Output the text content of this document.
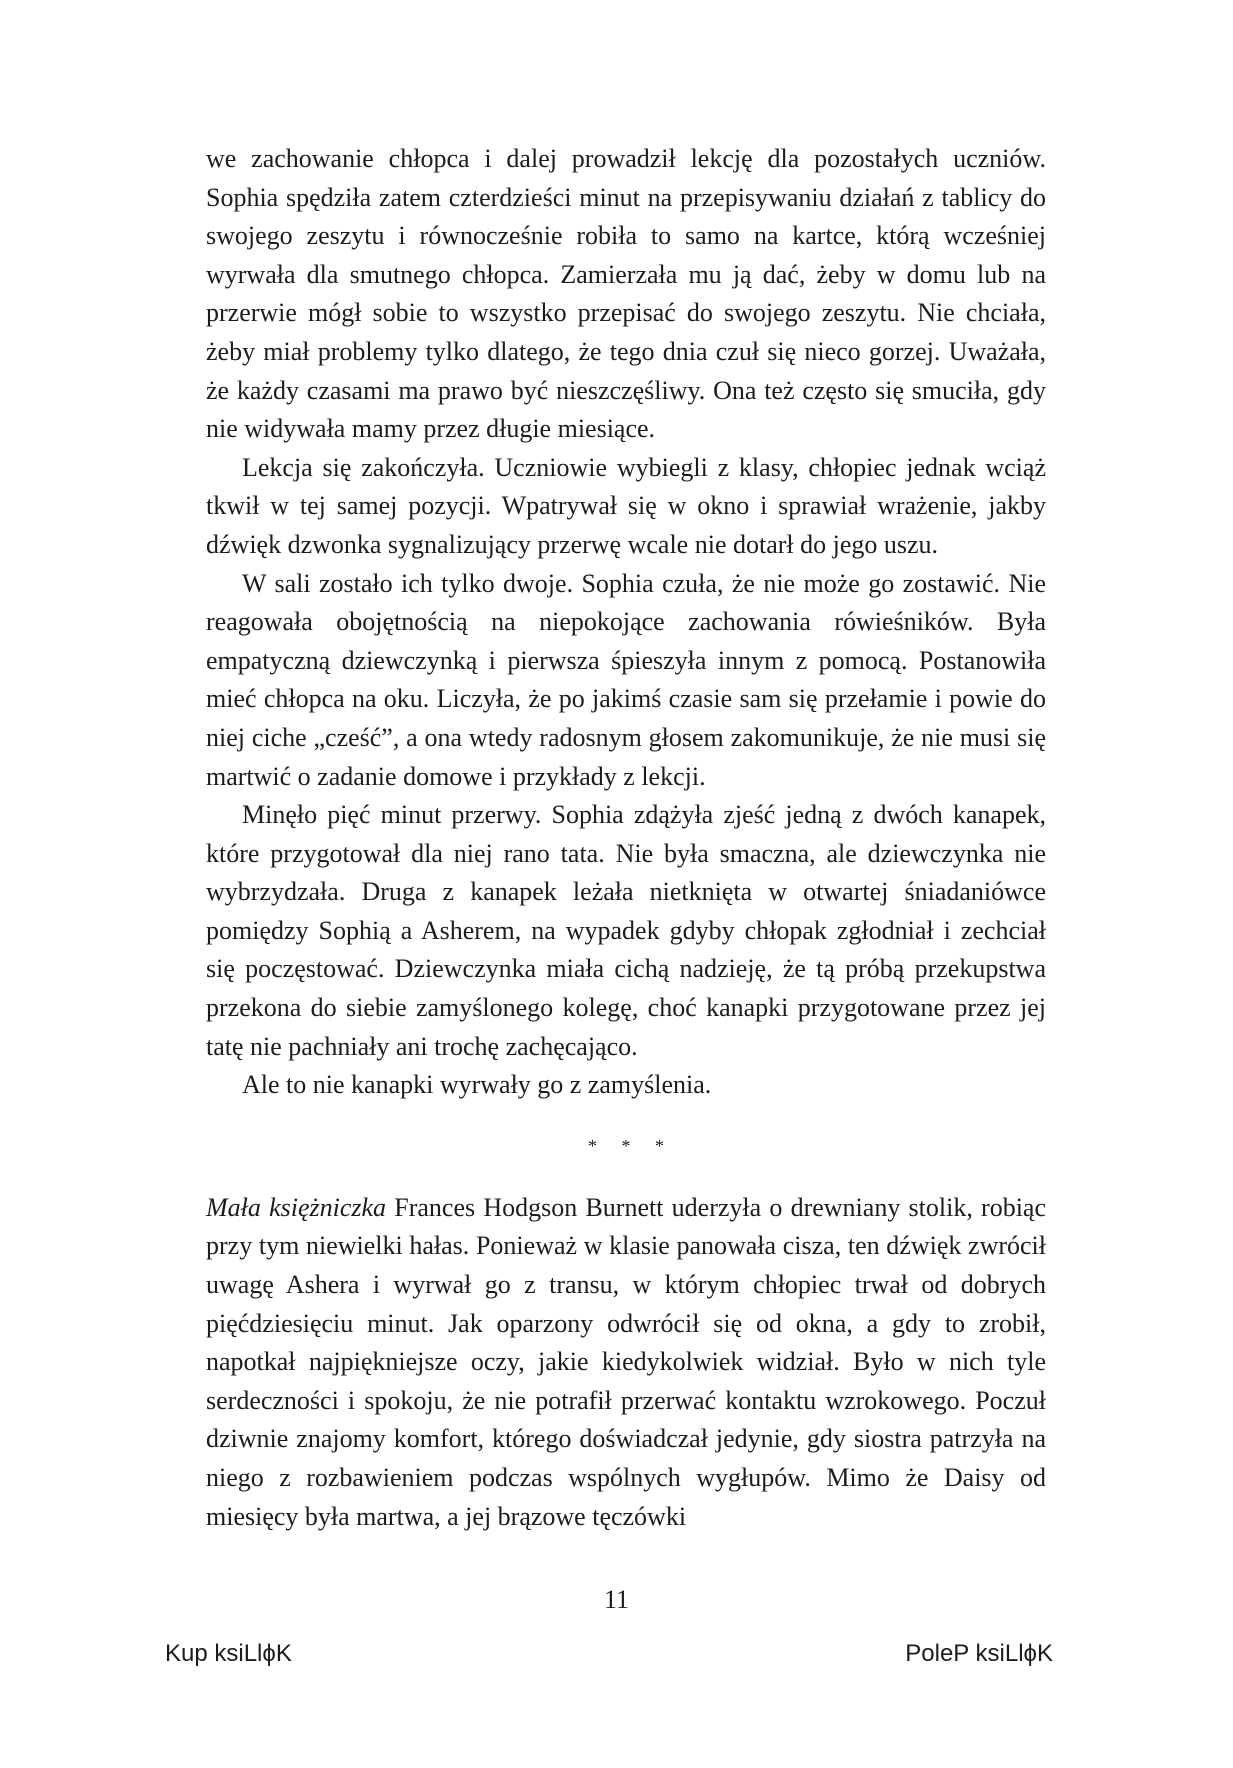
we zachowanie chłopca i dalej prowadził lekcję dla pozostałych uczniów. Sophia spędziła zatem czterdzieści minut na przepisywaniu działań z tablicy do swojego zeszytu i równocześnie robiła to samo na kartce, którą wcześniej wyrwała dla smutnego chłopca. Zamierzała mu ją dać, żeby w domu lub na przerwie mógł sobie to wszystko przepisać do swojego zeszytu. Nie chciała, żeby miał problemy tylko dlatego, że tego dnia czuł się nieco gorzej. Uważała, że każdy czasami ma prawo być nieszczęśliwy. Ona też często się smuciła, gdy nie widywała mamy przez długie miesiące.

Lekcja się zakończyła. Uczniowie wybiegli z klasy, chłopiec jednak wciąż tkwił w tej samej pozycji. Wpatrywał się w okno i sprawiał wrażenie, jakby dźwięk dzwonka sygnalizujący przerwę wcale nie dotarł do jego uszu.

W sali zostało ich tylko dwoje. Sophia czuła, że nie może go zostawić. Nie reagowała obojętnością na niepokojące zachowania rówieśników. Była empatyczną dziewczynką i pierwsza śpieszyła innym z pomocą. Postanowiła mieć chłopca na oku. Liczyła, że po jakimś czasie sam się przełamie i powie do niej ciche „cześć”, a ona wtedy radosnym głosem zakomunikuje, że nie musi się martwić o zadanie domowe i przykłady z lekcji.

Minęło pięć minut przerwy. Sophia zdążyła zjeść jedną z dwóch kanapek, które przygotował dla niej rano tata. Nie była smaczna, ale dziewczynka nie wybrzydzała. Druga z kanapek leżała nietknięta w otwartej śniadaniówce pomiędzy Sophią a Asherem, na wypadek gdyby chłopak zgłodniał i zechciał się poczęstować. Dziewczynka miała cichą nadzieję, że tą próbą przekupstwa przekona do siebie zamyślonego kolegę, choć kanapki przygotowane przez jej tatę nie pachniały ani trochę zachęcająco.

Ale to nie kanapki wyrwały go z zamyślenia.

* * *

Mała księżniczka Frances Hodgson Burnett uderzyła o drewniany stolik, robiąc przy tym niewielki hałas. Ponieważ w klasie panowała cisza, ten dźwięk zwrócił uwagę Ashera i wyrwał go z transu, w którym chłopiec trwał od dobrych pięćdziesięciu minut. Jak oparzony odwrócił się od okna, a gdy to zrobił, napotkał najpiękniejsze oczy, jakie kiedykolwiek widział. Było w nich tyle serdeczności i spokoju, że nie potrafił przerwać kontaktu wzrokowego. Poczuł dziwnie znajomy komfort, którego doświadczał jedynie, gdy siostra patrzyła na niego z rozbawieniem podczas wspólnych wygłupów. Mimo że Daisy od miesięcy była martwa, a jej brązowe tęczówki

11
Kup ksiLlϕK	PoleP ksiLlϕK
